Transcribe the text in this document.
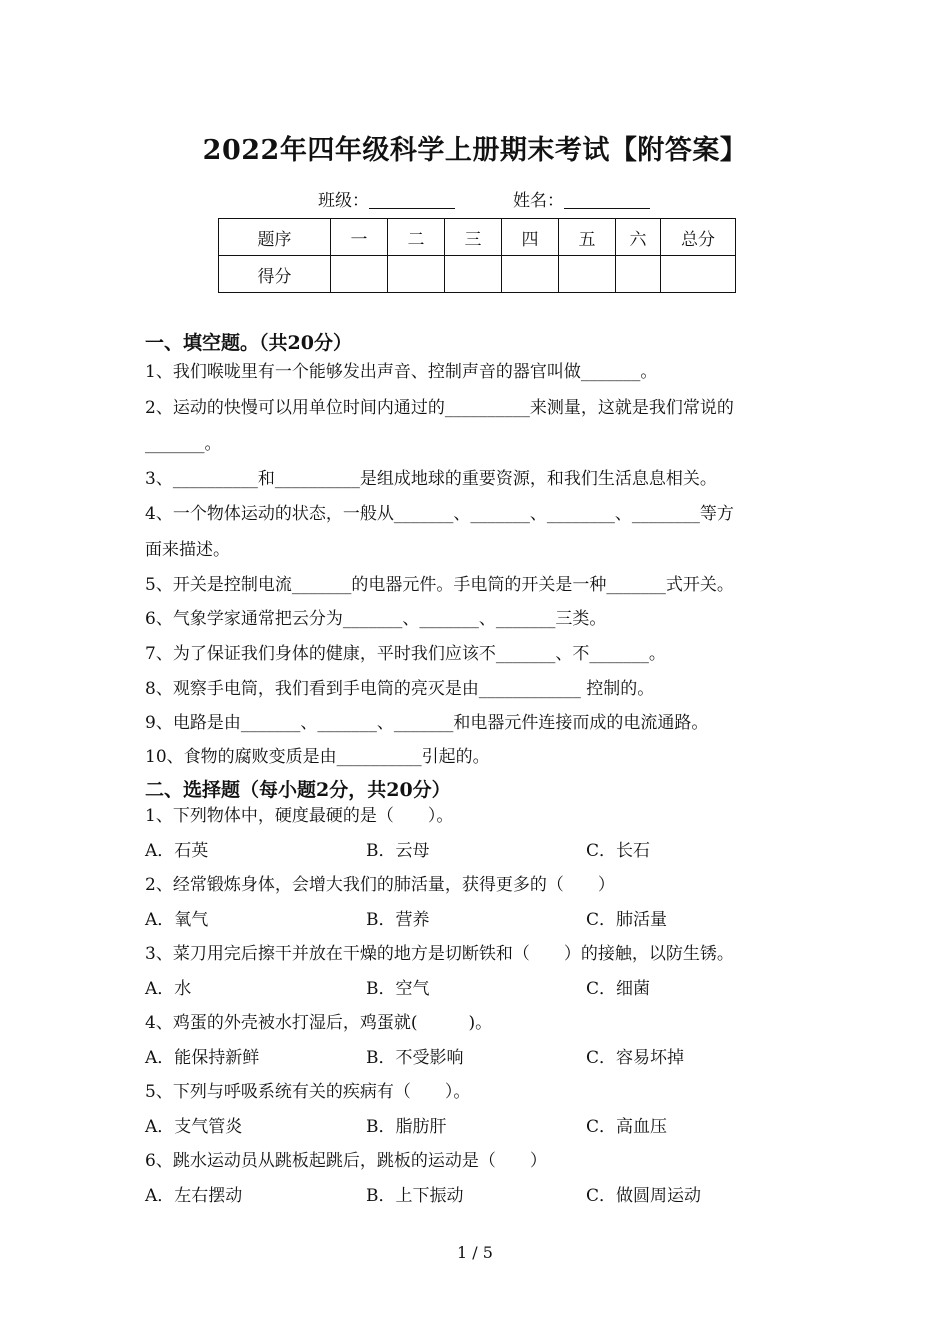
2022年四年级科学上册期末考试【附答案】
班级：	姓名：
题序	一	二	三	四	五	六	总分
得分							
一、填空题。（共20分）
1、我们喉咙里有一个能够发出声音、控制声音的器官叫做_______。
2、运动的快慢可以用单位时间内通过的__________来测量，这就是我们常说的
_______。
3、__________和__________是组成地球的重要资源，和我们生活息息相关。
4、一个物体运动的状态，一般从_______、_______、________、________等方
面来描述。
5、开关是控制电流_______的电器元件。手电筒的开关是一种_______式开关。
6、气象学家通常把云分为_______、_______、_______三类。
7、为了保证我们身体的健康，平时我们应该不_______、不_______。
8、观察手电筒，我们看到手电筒的亮灭是由____________ 控制的。
9、电路是由_______、_______、_______和电器元件连接而成的电流通路。
10、食物的腐败变质是由__________引起的。
二、选择题（每小题2分，共20分）
1、下列物体中，硬度最硬的是（　　）。
A．石英	B．云母	C．长石
2、经常锻炼身体，会增大我们的肺活量，获得更多的（　　）
A．氧气	B．营养	C．肺活量
3、菜刀用完后擦干并放在干燥的地方是切断铁和（　　）的接触，以防生锈。
A．水	B．空气	C．细菌
4、鸡蛋的外壳被水打湿后，鸡蛋就(　　　)。
A．能保持新鲜	B．不受影响	C．容易坏掉
5、下列与呼吸系统有关的疾病有（　　）。
A．支气管炎	B．脂肪肝	C．高血压
6、跳水运动员从跳板起跳后，跳板的运动是（　　）
A．左右摆动	B．上下振动	C．做圆周运动
1 / 5
